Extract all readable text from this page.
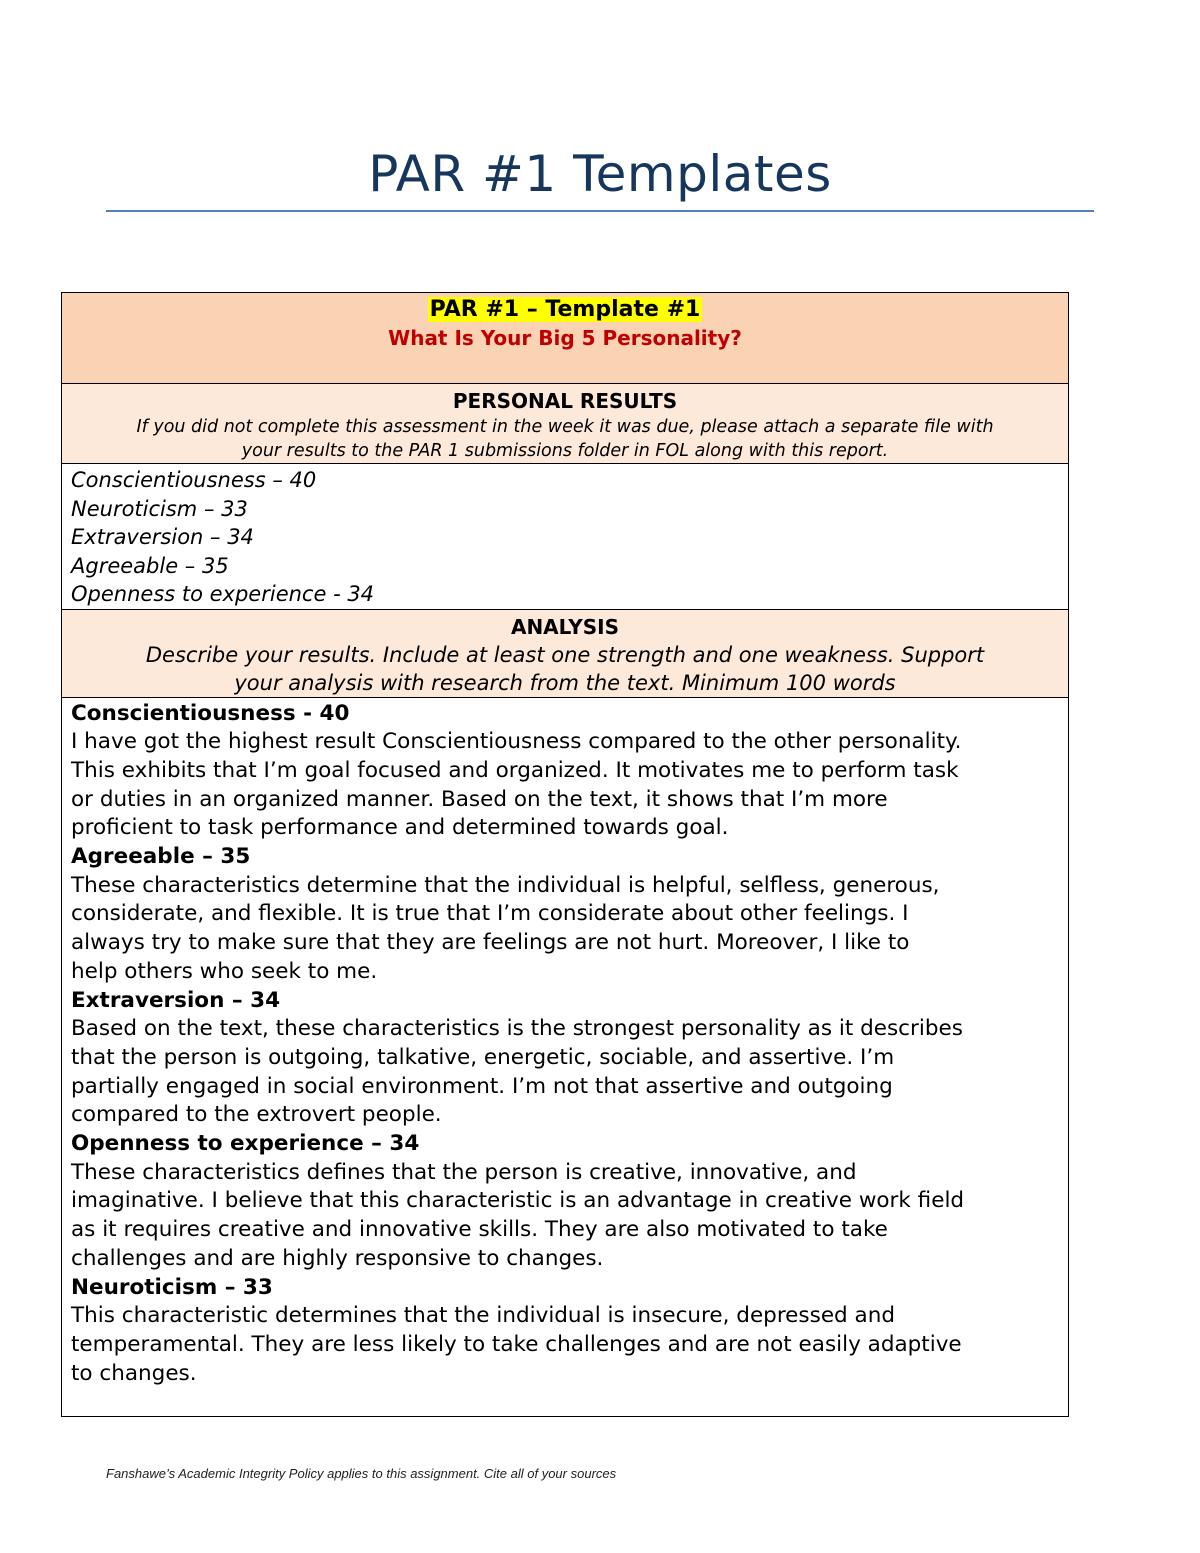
PAR #1 Templates
PAR #1 – Template #1
What Is Your Big 5 Personality?

PERSONAL RESULTS
If you did not complete this assessment in the week it was due, please attach a separate file with
your results to the PAR 1 submissions folder in FOL along with this report.

Conscientiousness – 40
Neuroticism – 33
Extraversion – 34
Agreeable – 35
Openness to experience - 34

ANALYSIS
Describe your results. Include at least one strength and one weakness. Support
your analysis with research from the text. Minimum 100 words

Conscientiousness - 40
I have got the highest result Conscientiousness compared to the other personality.
This exhibits that I’m goal focused and organized. It motivates me to perform task
or duties in an organized manner. Based on the text, it shows that I’m more
proficient to task performance and determined towards goal.
Agreeable – 35
These characteristics determine that the individual is helpful, selfless, generous,
considerate, and flexible. It is true that I’m considerate about other feelings. I
always try to make sure that they are feelings are not hurt. Moreover, I like to
help others who seek to me.
Extraversion – 34
Based on the text, these characteristics is the strongest personality as it describes
that the person is outgoing, talkative, energetic, sociable, and assertive. I’m
partially engaged in social environment. I’m not that assertive and outgoing
compared to the extrovert people.
Openness to experience – 34
These characteristics defines that the person is creative, innovative, and
imaginative. I believe that this characteristic is an advantage in creative work field
as it requires creative and innovative skills. They are also motivated to take
challenges and are highly responsive to changes.
Neuroticism – 33
This characteristic determines that the individual is insecure, depressed and
temperamental. They are less likely to take challenges and are not easily adaptive
to changes.
Fanshawe’s Academic Integrity Policy applies to this assignment. Cite all of your sources
